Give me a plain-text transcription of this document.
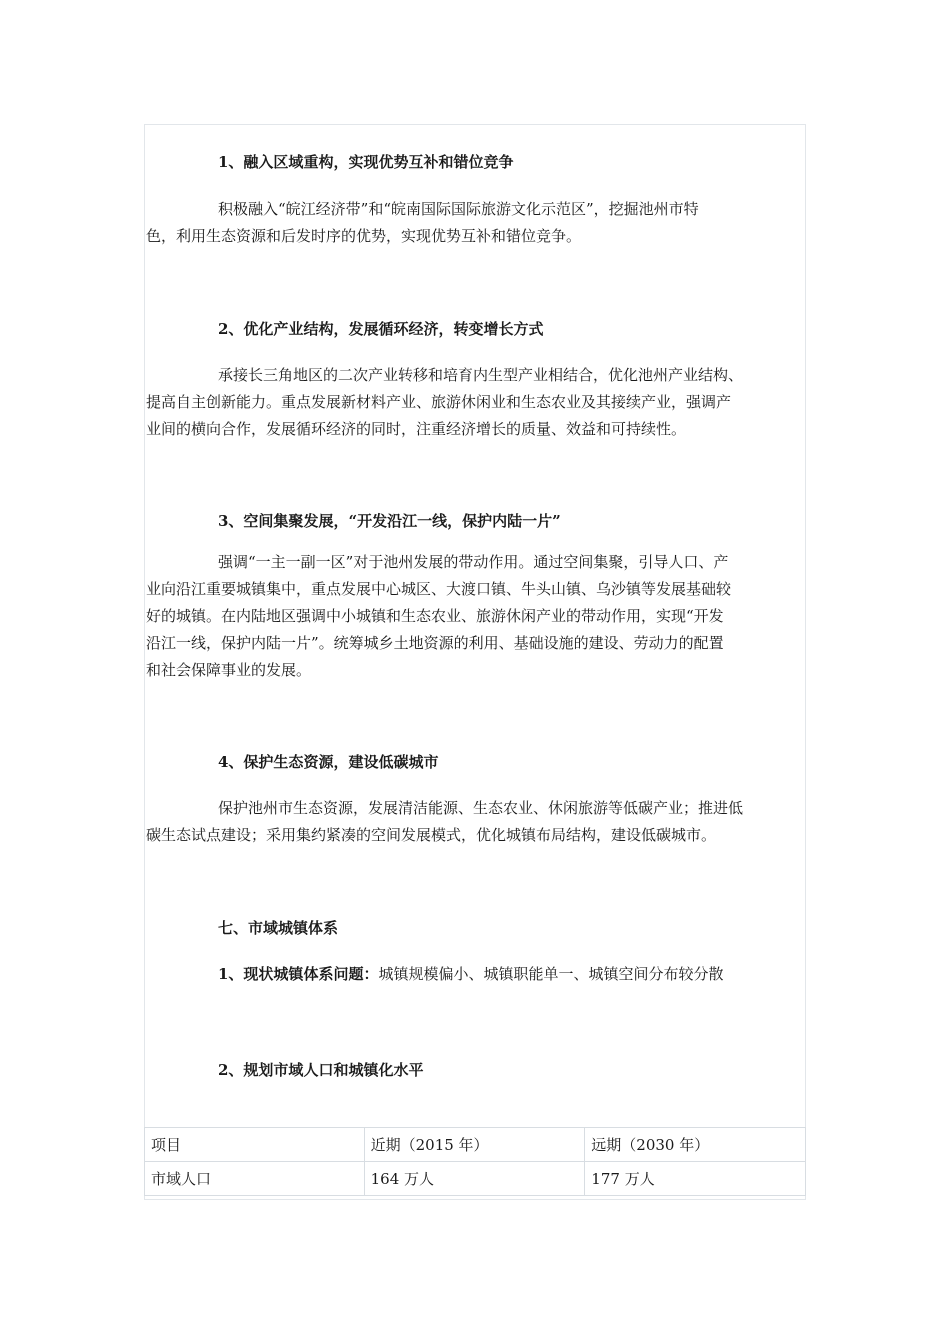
1、融入区域重构，实现优势互补和错位竞争
积极融入“皖江经济带”和“皖南国际国际旅游文化示范区”，挖掘池州市特
色，利用生态资源和后发时序的优势，实现优势互补和错位竞争。
2、优化产业结构，发展循环经济，转变增长方式
承接长三角地区的二次产业转移和培育内生型产业相结合，优化池州产业结构、
提高自主创新能力。重点发展新材料产业、旅游休闲业和生态农业及其接续产业，强调产
业间的横向合作，发展循环经济的同时，注重经济增长的质量、效益和可持续性。
3、空间集聚发展，“开发沿江一线，保护内陆一片”
强调“一主一副一区”对于池州发展的带动作用。通过空间集聚，引导人口、产
业向沿江重要城镇集中，重点发展中心城区、大渡口镇、牛头山镇、乌沙镇等发展基础较
好的城镇。在内陆地区强调中小城镇和生态农业、旅游休闲产业的带动作用，实现“开发
沿江一线，保护内陆一片”。统筹城乡土地资源的利用、基础设施的建设、劳动力的配置
和社会保障事业的发展。
4、保护生态资源，建设低碳城市
保护池州市生态资源，发展清洁能源、生态农业、休闲旅游等低碳产业；推进低
碳生态试点建设；采用集约紧凑的空间发展模式，优化城镇布局结构，建设低碳城市。
七、市域城镇体系
1、现状城镇体系问题：城镇规模偏小、城镇职能单一、城镇空间分布较分散
2、规划市域人口和城镇化水平
项目	近期（2015 年）	远期（2030 年）
市域人口	164 万人	177 万人
